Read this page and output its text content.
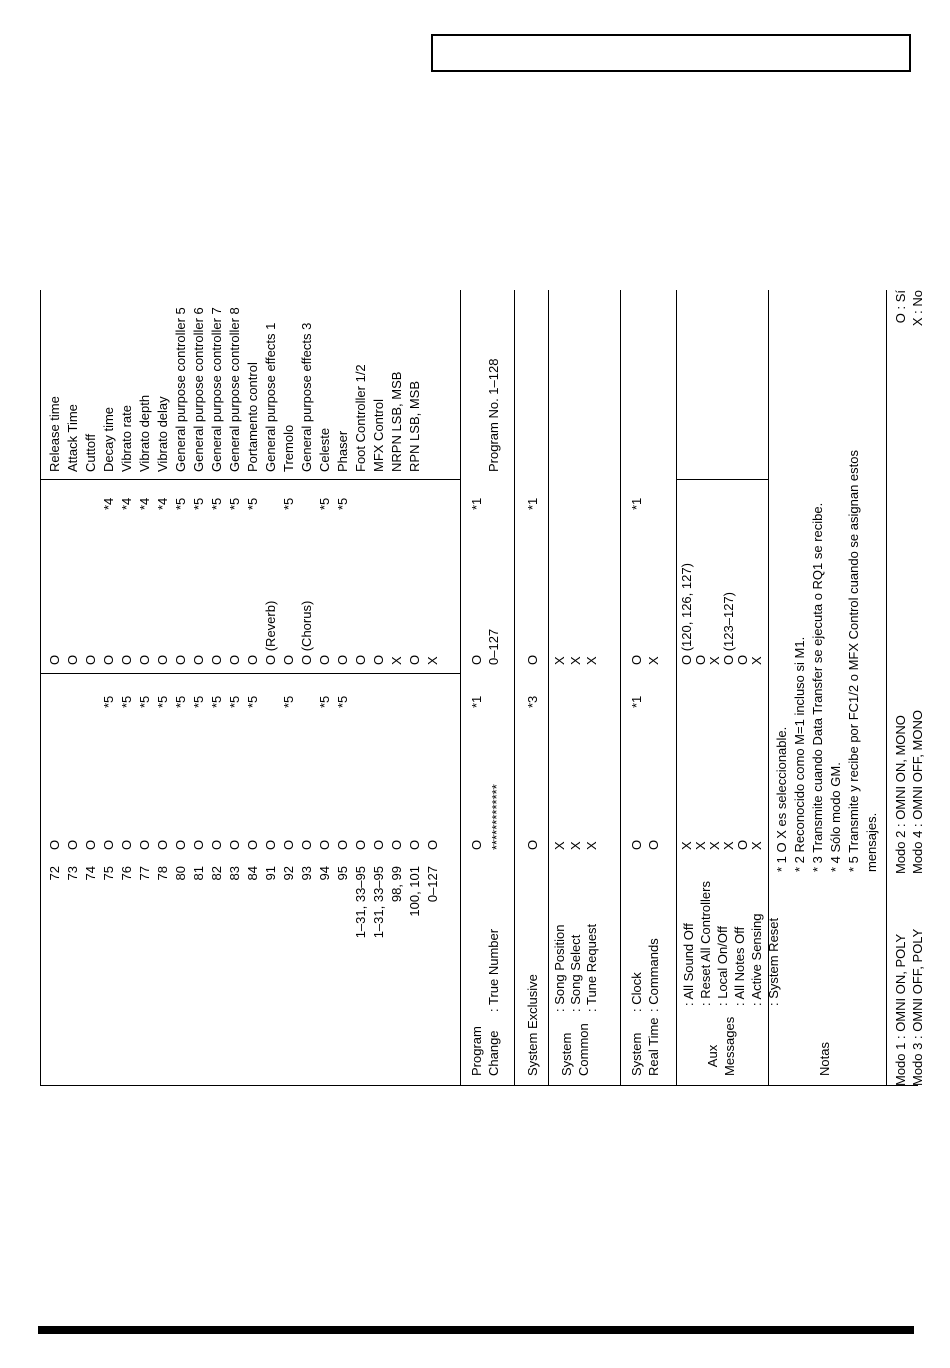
72 73 74 75 76 77 78 80 81 82 83 84 91 92 93 94 95 1–31, 33–95 1–31, 33–95 98, 99 100, 101 0–127
O O O O O O O O O O O O O O O O O O O O O O
*5 *5 *5 *5 *5 *5 *5 *5 *5 *5 *5 *5
O O O O O O O O O O O O O (Reverb) O O (Chorus) O O O O X O X
*4 *4 *4 *4 *5 *5 *5 *5 *5 *5 *5 *5
Release time Attack Time Cuttoff Decay time Vibrato rate Vibrato depth Vibrato delay General purpose controller 5 General purpose controller 6 General purpose controller 7 General purpose controller 8 Portamento control General purpose effects 1 Tremolo General purpose effects 3 Celeste Phaser Foot Controller 1/2 MFX Control NRPN LSB, MSB RPN LSB, MSB
Program Change
: True Number
O
*1
*************
O
*1
0–127
Program No. 1–128
System Exclusive
O
*3
O
*1
System Common
: Song Position : Song Select : Tune Request
X X X
X X X
System Real Time
: Clock : Commands
O O
*1
O X
*1
Aux Messages
: All Sound Off : Reset All Controllers : Local On/Off : All Notes Off : Active Sensing : System Reset
X X X X O X
O (120, 126, 127) O X O (123–127) O X
Notas
* 1 O X es seleccionable. * 2 Reconocido como M=1 incluso si M1. * 3 Transmite cuando Data Transfer se ejecuta o RQ1 se recibe. * 4 Sólo modo GM. * 5 Transmite y recibe por FC1/2 o MFX Control cuando se asignan estos mensajes.
Modo 1 : OMNI ON, POLY Modo 3 : OMNI OFF, POLY
Modo 2 : OMNI ON, MONO Modo 4 : OMNI OFF, MONO
O : Sí X : No
